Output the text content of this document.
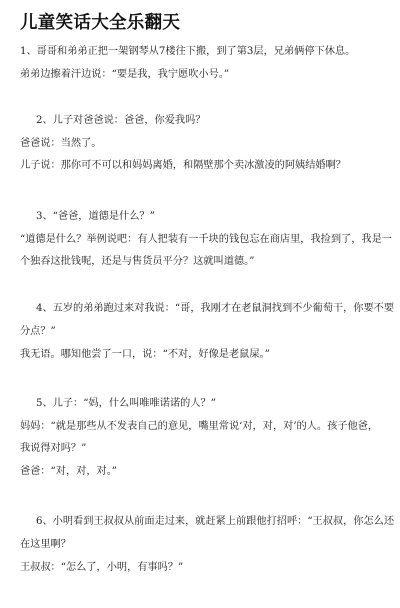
儿童笑话大全乐翻天
1、哥哥和弟弟正把一架钢琴从7楼往下搬，到了第3层，兄弟俩停下休息。
弟弟边擦着汗边说：“要是我，我宁愿吹小号。”
2、儿子对爸爸说：爸爸，你爱我吗？
爸爸说：当然了。
儿子说：那你可不可以和妈妈离婚，和隔壁那个卖冰激凌的阿姨结婚啊？
3、“爸爸，道德是什么？”
“道德是什么？举例说吧：有人把装有一千块的钱包忘在商店里，我捡到了，我是一
个独吞这批钱呢，还是与售货员平分？这就叫道德。”
4、五岁的弟弟跑过来对我说：“哥，我刚才在老鼠洞找到不少葡萄干，你要不要
分点？”
我无语。哪知他尝了一口，说：“不对，好像是老鼠屎。”
5、儿子：“妈，什么叫唯唯诺诺的人？”
妈妈：“就是那些从不发表自己的意见，嘴里常说‘对，对，对’的人。孩子他爸，
我说得对吗？”
爸爸：“对，对，对。”
6、小明看到王叔叔从前面走过来，就赶紧上前跟他打招呼：“王叔叔，你怎么还
在这里啊？
王叔叔：“怎么了，小明，有事吗？”
